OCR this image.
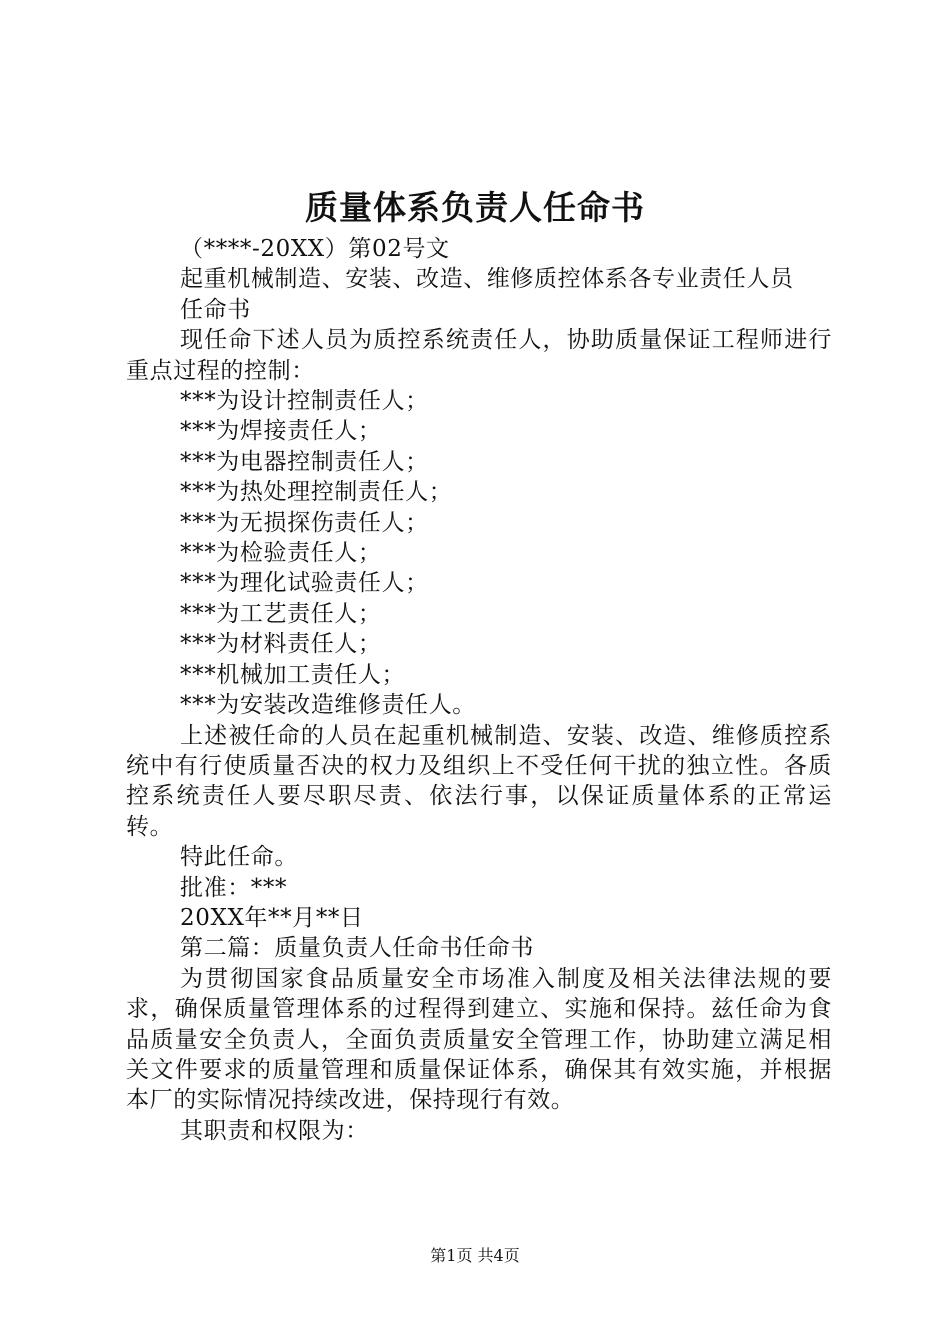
质量体系负责人任命书

（****-20XX）第02号文

起重机械制造、安装、改造、维修质控体系各专业责任人员

任命书

现任命下述人员为质控系统责任人，协助质量保证工程师进行重点过程的控制：

***为设计控制责任人；

***为焊接责任人；

***为电器控制责任人；

***为热处理控制责任人；

***为无损探伤责任人；

***为检验责任人；

***为理化试验责任人；

***为工艺责任人；

***为材料责任人；

***机械加工责任人；

***为安装改造维修责任人。

上述被任命的人员在起重机械制造、安装、改造、维修质控系统中有行使质量否决的权力及组织上不受任何干扰的独立性。各质控系统责任人要尽职尽责、依法行事，以保证质量体系的正常运转。

特此任命。

批准：***

20XX年**月**日

第二篇：质量负责人任命书任命书

为贯彻国家食品质量安全市场准入制度及相关法律法规的要求，确保质量管理体系的过程得到建立、实施和保持。兹任命为食品质量安全负责人，全面负责质量安全管理工作，协助建立满足相关文件要求的质量管理和质量保证体系，确保其有效实施，并根据本厂的实际情况持续改进，保持现行有效。

其职责和权限为：

第1页 共4页
